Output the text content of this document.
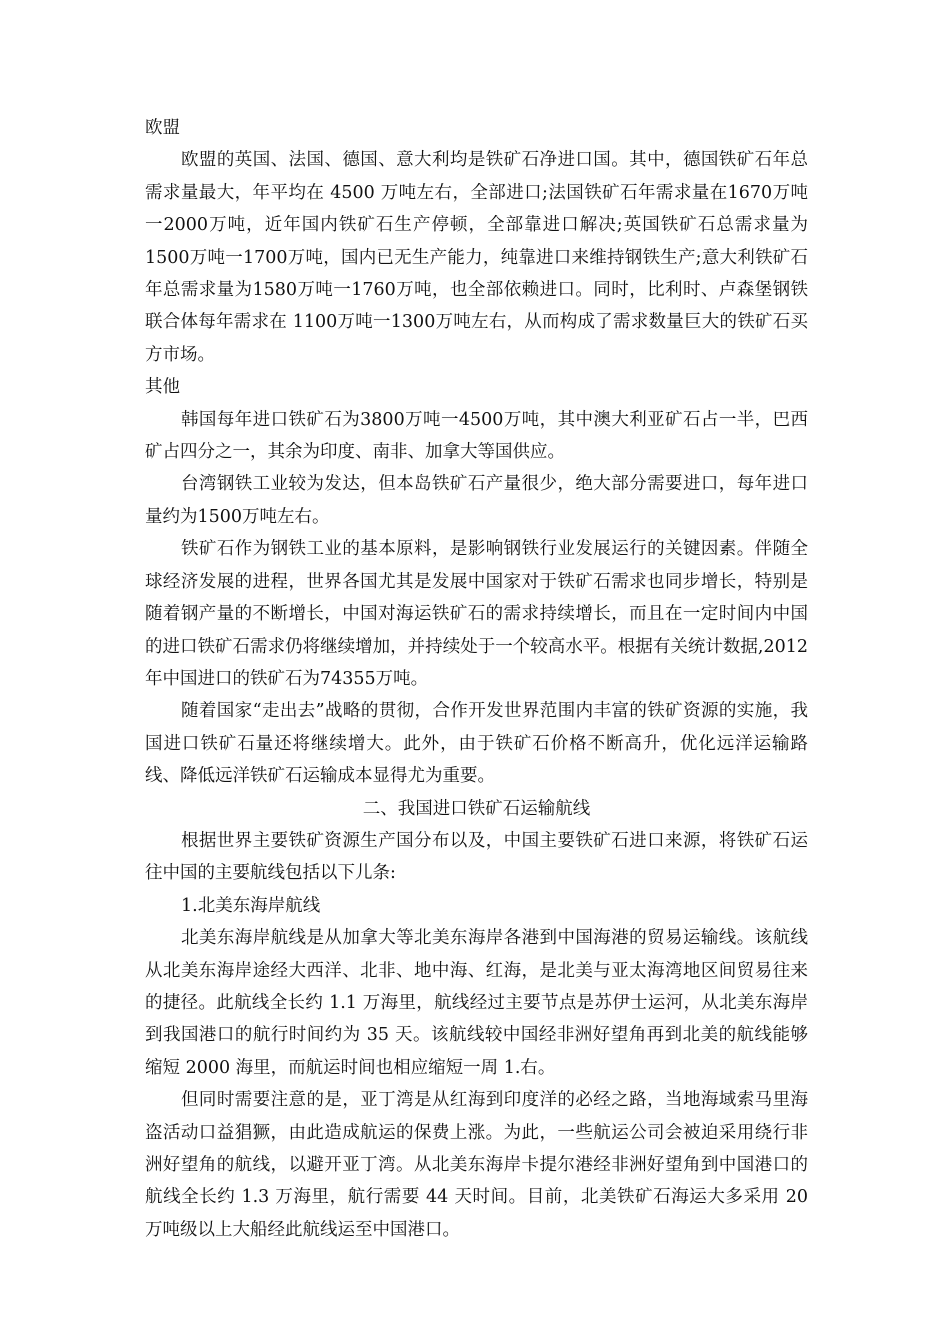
欧盟

欧盟的英国、法国、德国、意大利均是铁矿石净进口国。其中，德国铁矿石年总需求量最大，年平均在 4500 万吨左右，全部进口;法国铁矿石年需求量在1670万吨一2000万吨，近年国内铁矿石生产停顿，全部靠进口解决;英国铁矿石总需求量为1500万吨一1700万吨，国内已无生产能力，纯靠进口来维持钢铁生产;意大利铁矿石年总需求量为1580万吨一1760万吨，也全部依赖进口。同时，比利时、卢森堡钢铁联合体每年需求在 1100万吨一1300万吨左右，从而构成了需求数量巨大的铁矿石买方市场。

其他

韩国每年进口铁矿石为3800万吨一4500万吨，其中澳大利亚矿石占一半，巴西矿占四分之一，其余为印度、南非、加拿大等国供应。

台湾钢铁工业较为发达，但本岛铁矿石产量很少，绝大部分需要进口，每年进口量约为1500万吨左右。

铁矿石作为钢铁工业的基本原料，是影响钢铁行业发展运行的关键因素。伴随全球经济发展的进程，世界各国尤其是发展中国家对于铁矿石需求也同步增长，特别是随着钢产量的不断增长，中国对海运铁矿石的需求持续增长，而且在一定时间内中国的进口铁矿石需求仍将继续增加，并持续处于一个较高水平。根据有关统计数据,2012年中国进口的铁矿石为74355万吨。

随着国家“走出去”战略的贯彻，合作开发世界范围内丰富的铁矿资源的实施，我国进口铁矿石量还将继续增大。此外，由于铁矿石价格不断高升，优化远洋运输路线、降低远洋铁矿石运输成本显得尤为重要。

二、我国进口铁矿石运输航线

根据世界主要铁矿资源生产国分布以及，中国主要铁矿石进口来源，将铁矿石运往中国的主要航线包括以下儿条:

1.北美东海岸航线

北美东海岸航线是从加拿大等北美东海岸各港到中国海港的贸易运输线。该航线从北美东海岸途经大西洋、北非、地中海、红海，是北美与亚太海湾地区间贸易往来的捷径。此航线全长约 1.1 万海里，航线经过主要节点是苏伊士运河，从北美东海岸到我国港口的航行时间约为 35 天。该航线较中国经非洲好望角再到北美的航线能够缩短 2000 海里，而航运时间也相应缩短一周 1.右。

但同时需要注意的是，亚丁湾是从红海到印度洋的必经之路，当地海域索马里海盗活动口益猖獗，由此造成航运的保费上涨。为此，一些航运公司会被迫采用绕行非洲好望角的航线，以避开亚丁湾。从北美东海岸卡提尔港经非洲好望角到中国港口的航线全长约 1.3 万海里，航行需要 44 天时间。目前，北美铁矿石海运大多采用 20 万吨级以上大船经此航线运至中国港口。
